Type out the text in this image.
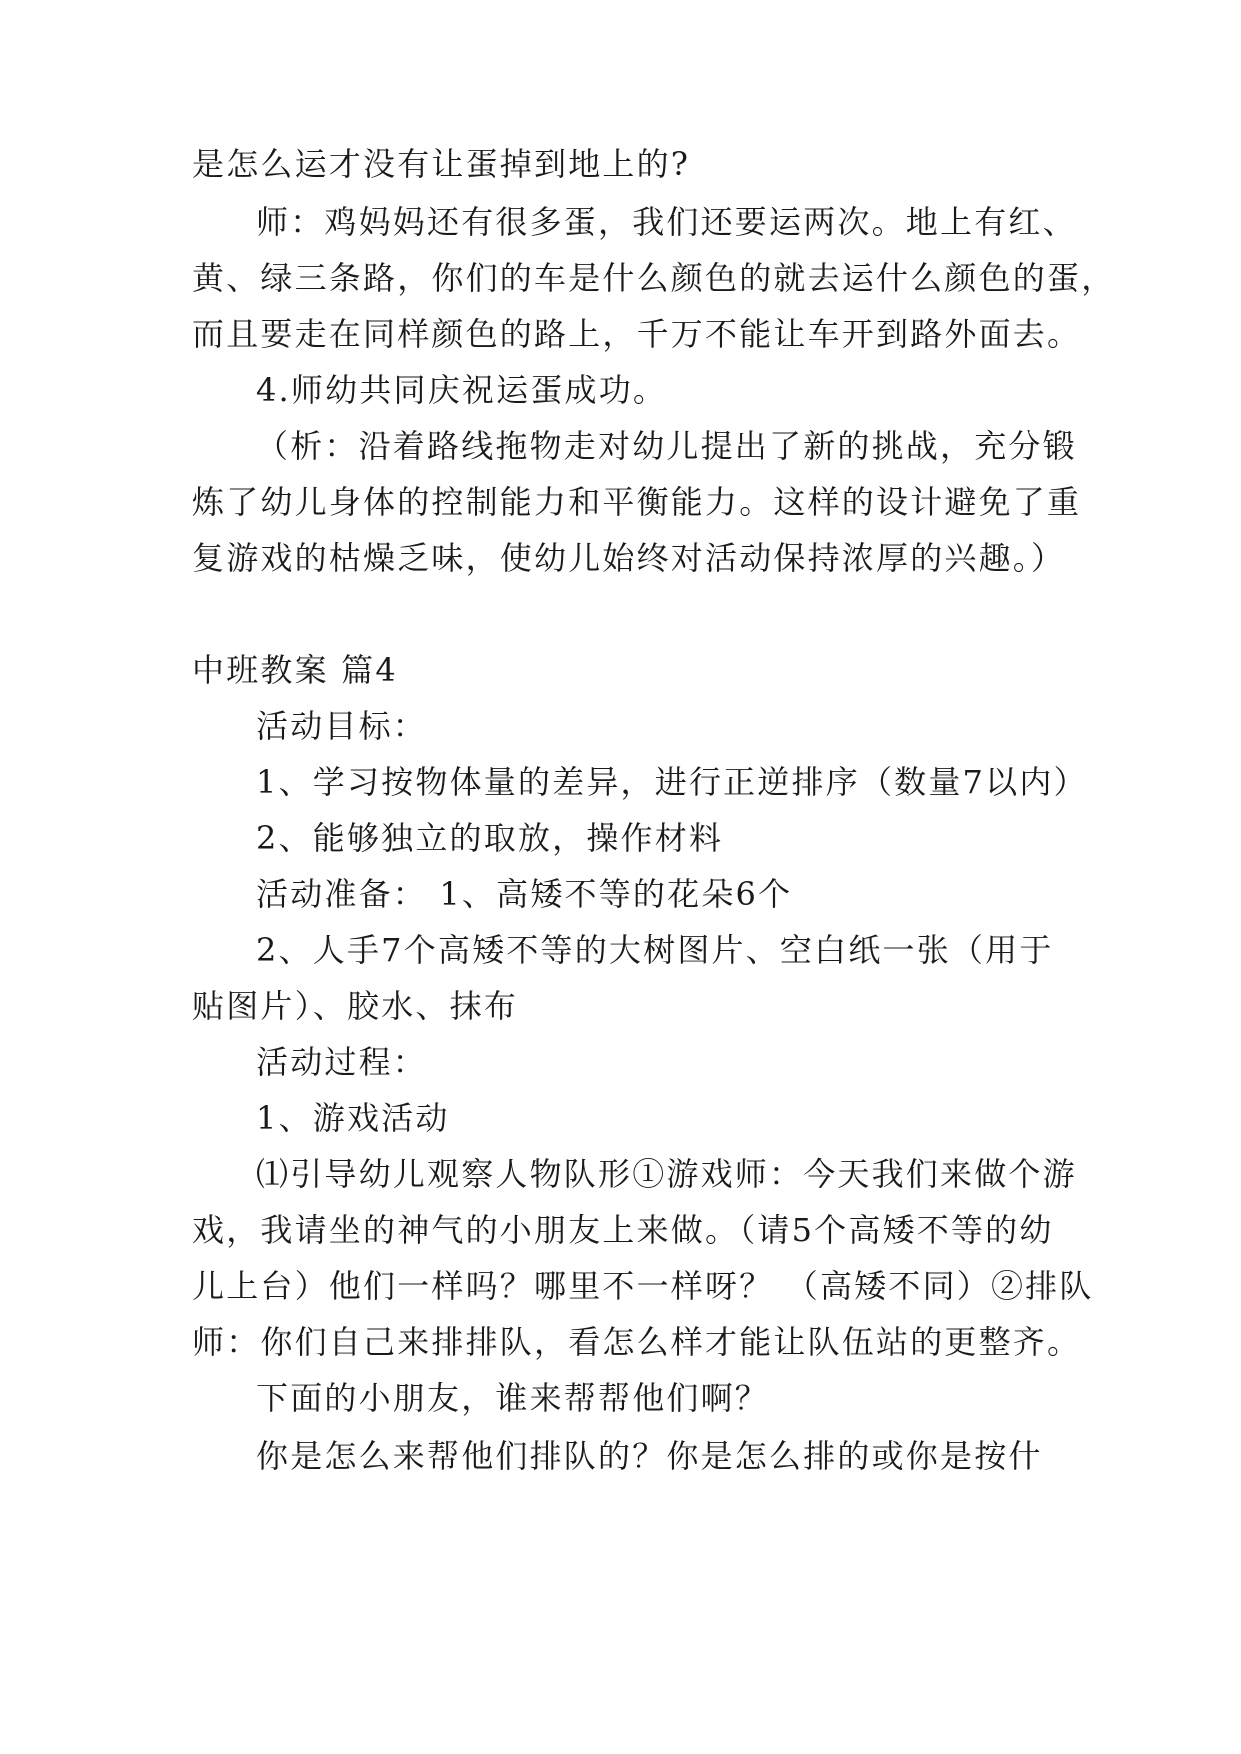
是怎么运才没有让蛋掉到地上的?
师：鸡妈妈还有很多蛋，我们还要运两次。地上有红、
黄、绿三条路，你们的车是什么颜色的就去运什么颜色的蛋，
而且要走在同样颜色的路上，千万不能让车开到路外面去。
4.师幼共同庆祝运蛋成功。
（析：沿着路线拖物走对幼儿提出了新的挑战，充分锻
炼了幼儿身体的控制能力和平衡能力。这样的设计避免了重
复游戏的枯燥乏味，使幼儿始终对活动保持浓厚的兴趣。）
中班教案 篇4
活动目标：
1、学习按物体量的差异，进行正逆排序（数量7以内）
2、能够独立的取放，操作材料
活动准备： 1、高矮不等的花朵6个
2、人手7个高矮不等的大树图片、空白纸一张（用于
贴图片）、胶水、抹布
活动过程：
1、游戏活动
⑴引导幼儿观察人物队形①游戏师：今天我们来做个游
戏，我请坐的神气的小朋友上来做。（请5个高矮不等的幼
儿上台）他们一样吗？哪里不一样呀？ （高矮不同）②排队
师：你们自己来排排队，看怎么样才能让队伍站的更整齐。
下面的小朋友，谁来帮帮他们啊？
你是怎么来帮他们排队的？你是怎么排的或你是按什
